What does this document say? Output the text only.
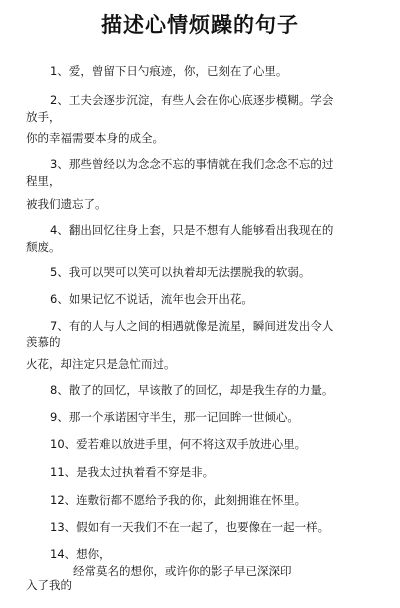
描述心情烦躁的句子
1、爱，曾留下日勺痕迹，你，已刻在了心里。
2、工夫会逐步沉淀，有些人会在你心底逐步模糊。学会
放手，
你的幸福需要本身的成全。
3、那些曾经以为念念不忘的事情就在我们念念不忘的过
程里，
被我们遗忘了。
4、翻出回忆往身上套，只是不想有人能够看出我现在的
颓废。
5、我可以哭可以笑可以执着却无法摆脱我的软弱。
6、如果记忆不说话，流年也会开出花。
7、有的人与人之间的相遇就像是流星，瞬间迸发出令人
羡慕的
火花，却注定只是急忙而过。
8、散了的回忆，早该散了的回忆，却是我生存的力量。
9、那一个承诺困守半生，那一记回眸一世倾心。
10、爱若难以放进手里，何不将这双手放进心里。
11、是我太过执着看不穿是非。
12、连敷衍都不愿给予我的你，此刻拥谁在怀里。
13、假如有一天我们不在一起了，也要像在一起一样。
14、想你，
经常莫名的想你，或许你的影子早已深深印
入了我的
